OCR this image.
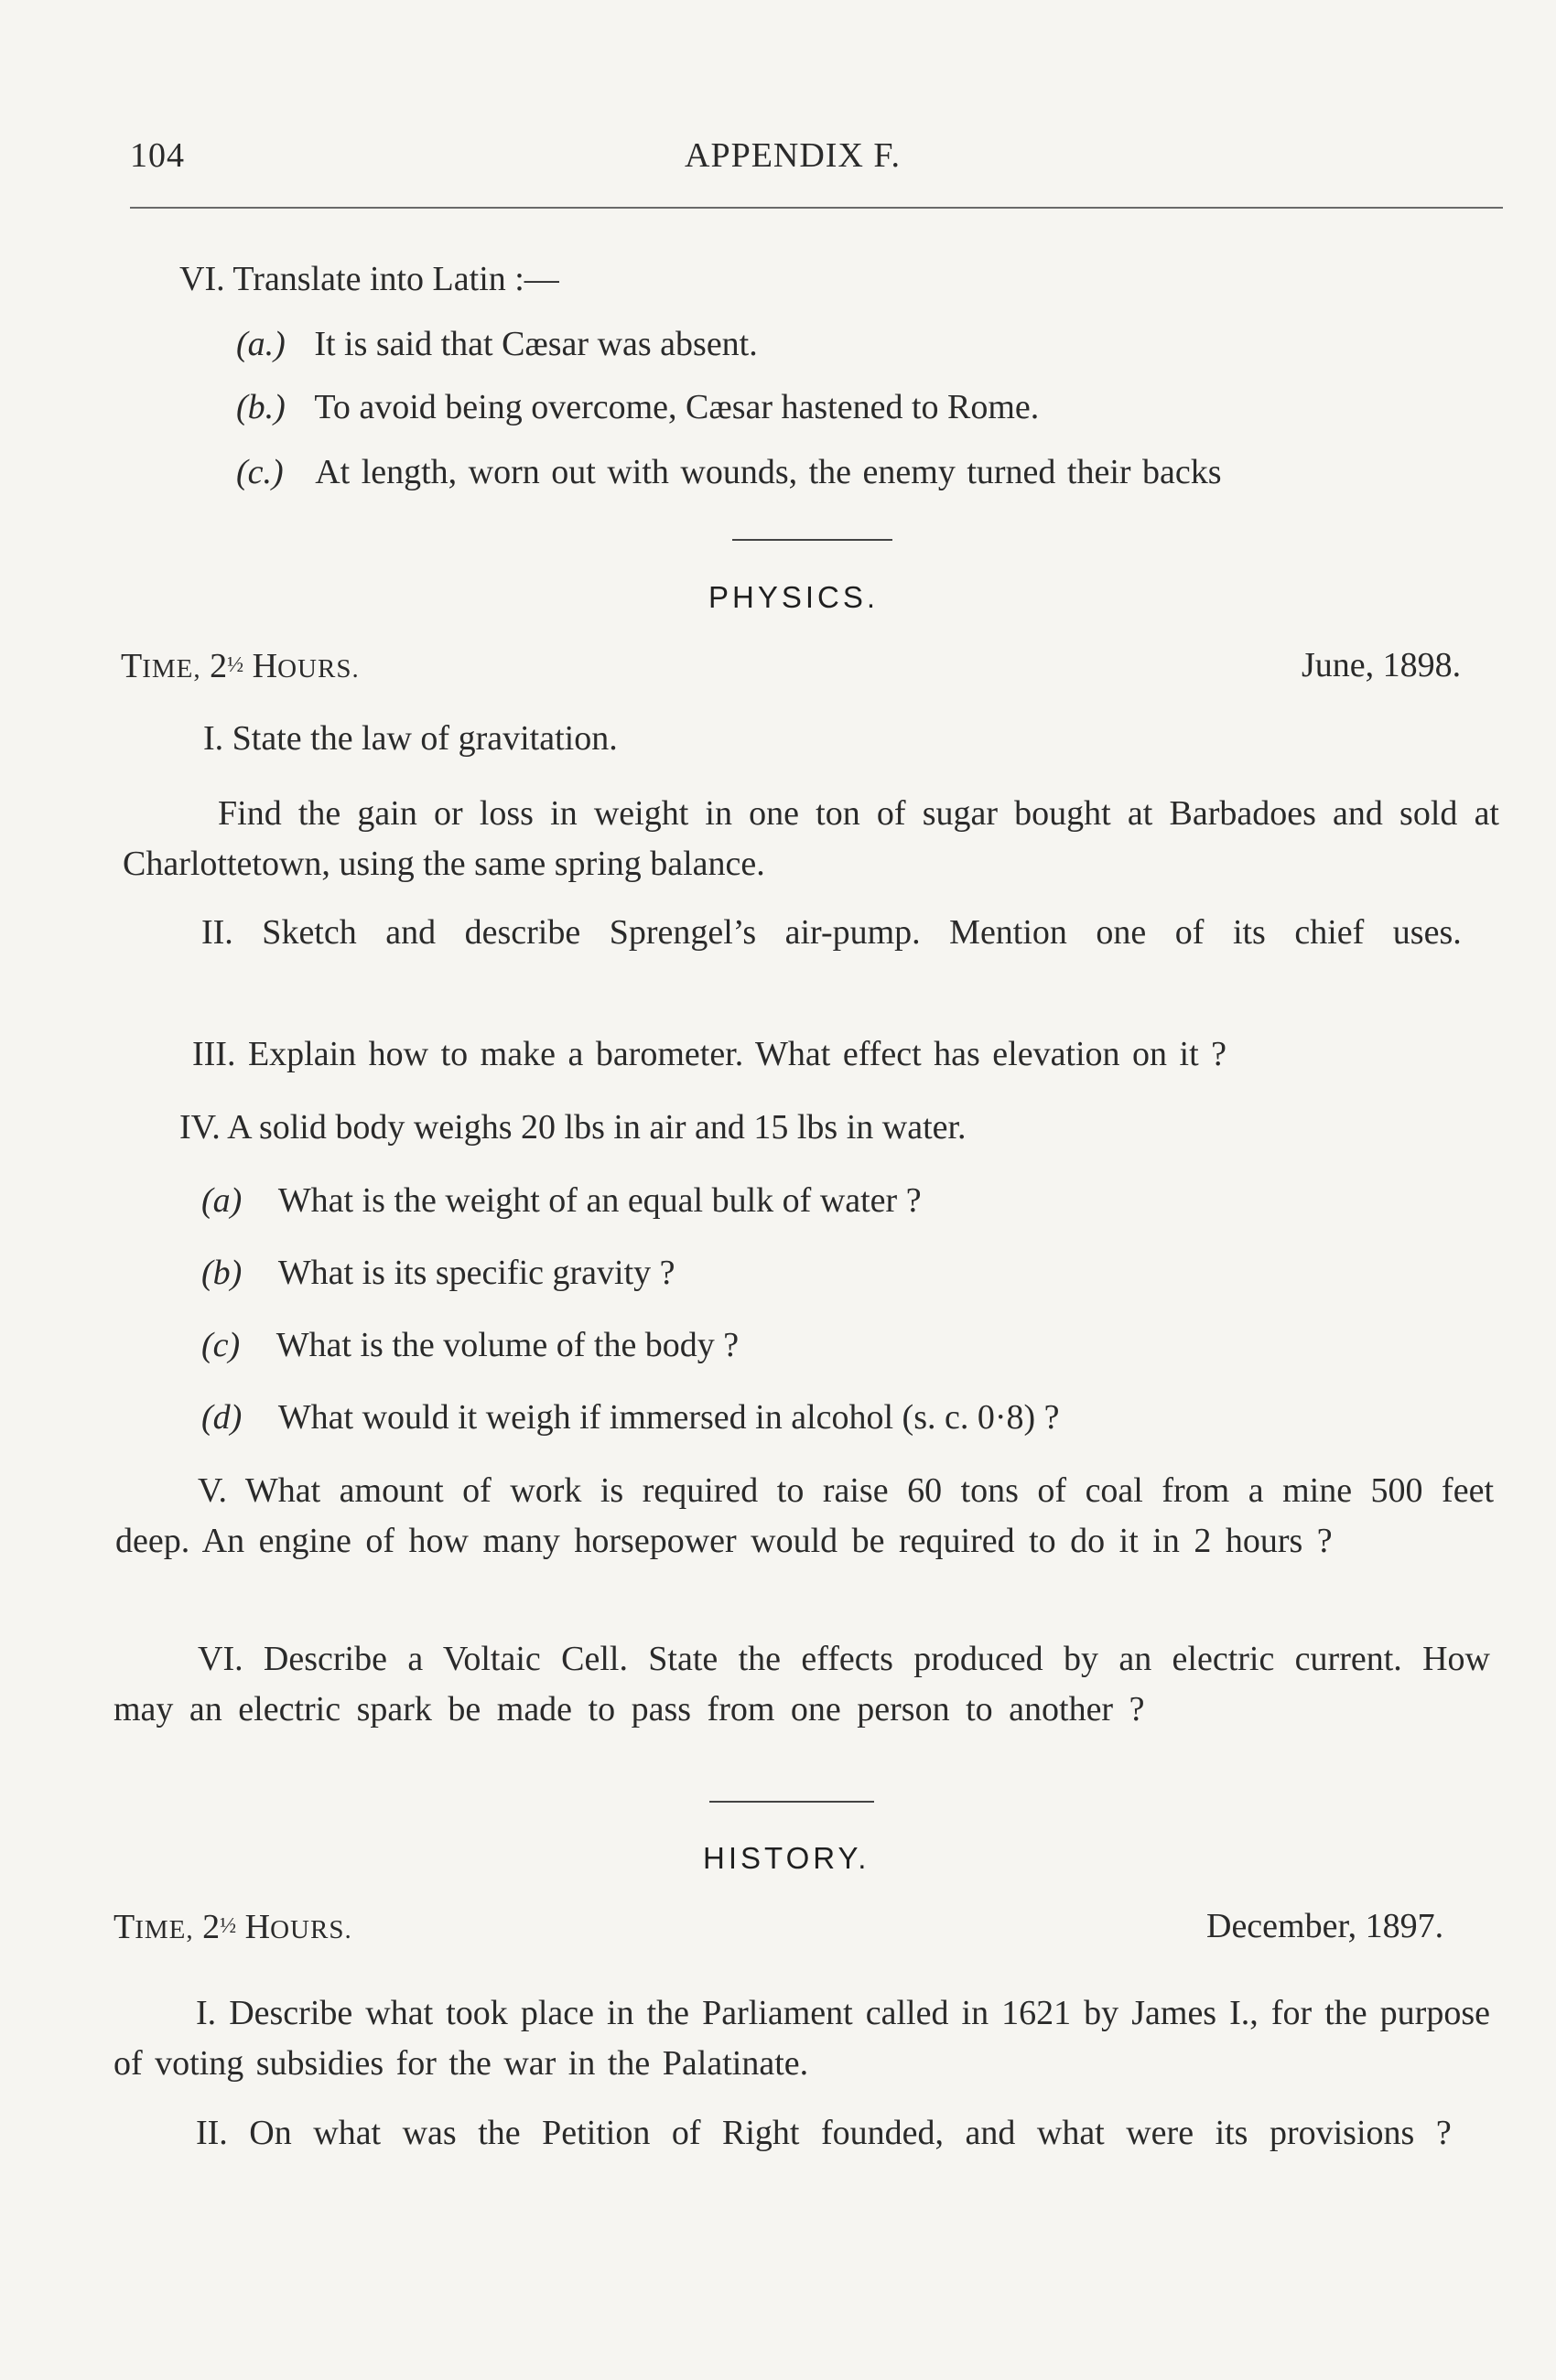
104	APPENDIX F.
VI. Translate into Latin :—
(a.) It is said that Cæsar was absent.
(b.) To avoid being overcome, Cæsar hastened to Rome.
(c.) At length, worn out with wounds, the enemy turned their backs
PHYSICS.
TIME, 2½ HOURS.	June, 1898.
I. State the law of gravitation.
Find the gain or loss in weight in one ton of sugar bought at Barbadoes and sold at Charlottetown, using the same spring balance.
II. Sketch and describe Sprengel’s air-pump. Mention one of its chief uses.
III. Explain how to make a barometer. What effect has elevation on it ?
IV. A solid body weighs 20 lbs in air and 15 lbs in water.
(a) What is the weight of an equal bulk of water ?
(b) What is its specific gravity ?
(c) What is the volume of the body ?
(d) What would it weigh if immersed in alcohol (s. c. 0·8) ?
V. What amount of work is required to raise 60 tons of coal from a mine 500 feet deep. An engine of how many horsepower would be required to do it in 2 hours ?
VI. Describe a Voltaic Cell. State the effects produced by an electric current. How may an electric spark be made to pass from one person to another ?
HISTORY.
TIME, 2½ HOURS.	December, 1897.
I. Describe what took place in the Parliament called in 1621 by James I., for the purpose of voting subsidies for the war in the Palatinate.
II. On what was the Petition of Right founded, and what were its provisions ?
